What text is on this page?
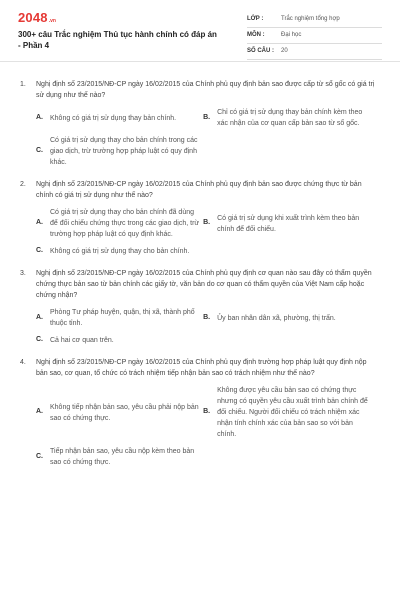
2048 .vn
300+ câu Trắc nghiệm Thủ tục hành chính có đáp án - Phần 4
LỚP :	Trắc nghiệm tổng hợp
MÔN :	Đại học
SỐ CÂU :	20
1.	Nghị định số 23/2015/NĐ-CP ngày 16/02/2015 của Chính phủ quy định bản sao được cấp từ sổ gốc có giá trị sử dụng như thế nào?
A.	Không có giá trị sử dụng thay bản chính.	B.
Chỉ có giá trị sử dụng thay bản chính kèm theo xác nhận của cơ quan cấp bản sao từ sổ gốc.
C.
Có giá trị sử dụng thay cho bản chính trong các giao dịch, trừ trường hợp pháp luật có quy định khác.
2.	Nghị định số 23/2015/NĐ-CP ngày 16/02/2015 của Chính phủ quy định bản sao được chứng thực từ bản chính có giá trị sử dụng như thế nào?
A.
Có giá trị sử dụng thay cho bản chính đã dùng để đối chiếu chứng thực trong các giao dịch, trừ trường hợp pháp luật có quy định khác.
B.
Có giá trị sử dụng khi xuất trình kèm theo bản chính để đối chiếu.
C.	Không có giá trị sử dụng thay cho bản chính.
3.	Nghị định số 23/2015/NĐ-CP ngày 16/02/2015 của Chính phủ quy định cơ quan nào sau đây có thẩm quyền chứng thực bản sao từ bản chính các giấy tờ, văn bản do cơ quan có thẩm quyền của Việt Nam cấp hoặc chứng nhận?
A.
Phòng Tư pháp huyện, quận, thị xã, thành phố thuộc tỉnh.
B.	Ủy ban nhân dân xã, phường, thị trấn.
C.	Cả hai cơ quan trên.
4.	Nghị định số 23/2015/NĐ-CP ngày 16/02/2015 của Chính phủ quy định trường hợp pháp luật quy định nộp bản sao, cơ quan, tổ chức có trách nhiệm tiếp nhận bản sao có trách nhiệm như thế nào?
A.
Không tiếp nhận bản sao, yêu cầu phải nộp bản sao có chứng thực.
B.
Không được yêu cầu bản sao có chứng thực nhưng có quyền yêu cầu xuất trình bản chính để đối chiếu. Người đối chiếu có trách nhiệm xác nhận tính chính xác của bản sao so với bản chính.
C.
Tiếp nhận bản sao, yêu cầu nộp kèm theo bản sao có chứng thực.
